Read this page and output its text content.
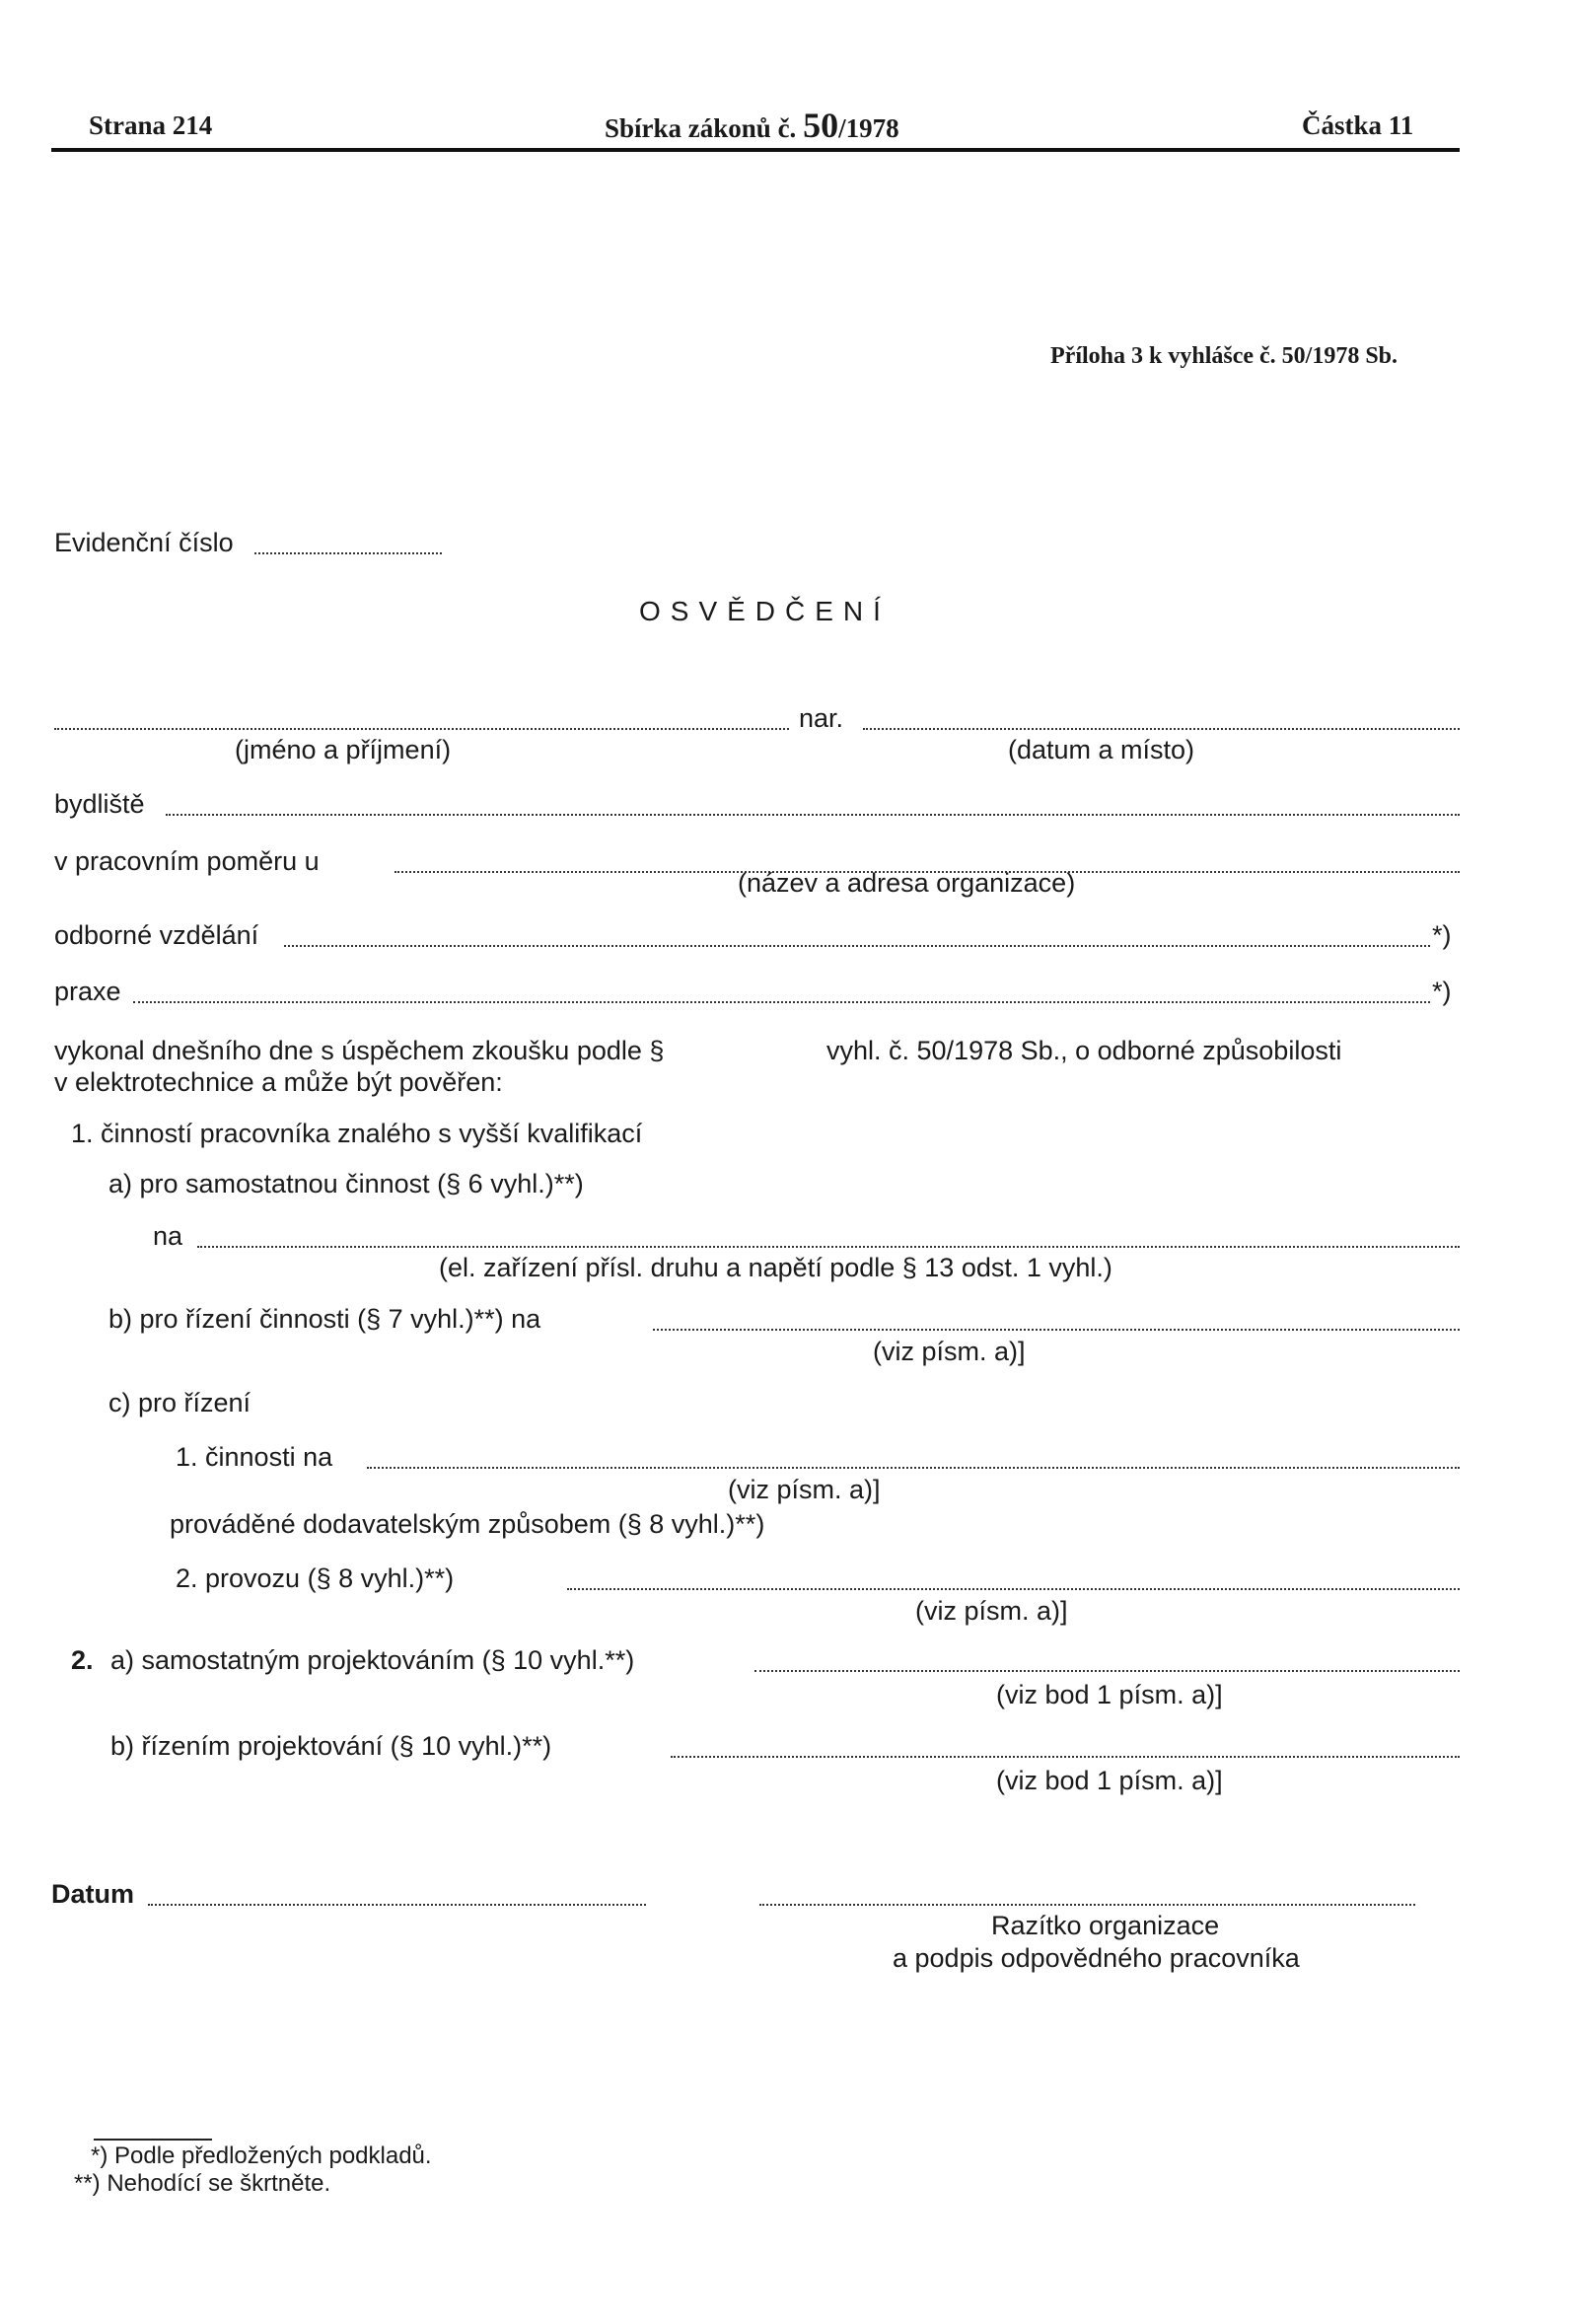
Strana 214	Sbírka zákonů č. 50/1978	Částka 11
Příloha 3 k vyhlášce č. 50/1978 Sb.
Evidenční číslo
OSVĚDČENÍ
nar.
(jméno a příjmení)	(datum a místo)
bydliště
v pracovním poměru u
(název a adresa organizace)
odborné vzdělání	*)
praxe	*)
vykonal dnešního dne s úspěchem zkoušku podle §	vyhl. č. 50/1978 Sb., o odborné způsobilosti
v elektrotechnice a může být pověřen:
1. činností pracovníka znalého s vyšší kvalifikací
a) pro samostatnou činnost (§ 6 vyhl.)**)
na
(el. zařízení přísl. druhu a napětí podle § 13 odst. 1 vyhl.)
b) pro řízení činnosti (§ 7 vyhl.)**) na
(viz písm. a)]
c) pro řízení
1. činnosti na
(viz písm. a)]
prováděné dodavatelským způsobem (§ 8 vyhl.)**)
2. provozu (§ 8 vyhl.)**)
(viz písm. a)]
2. a) samostatným projektováním (§ 10 vyhl.**)
(viz bod 1 písm. a)]
b) řízením projektování (§ 10 vyhl.)**)
(viz bod 1 písm. a)]
Datum
Razítko organizace
a podpis odpovědného pracovníka
*) Podle předložených podkladů.
**) Nehodící se škrtněte.
